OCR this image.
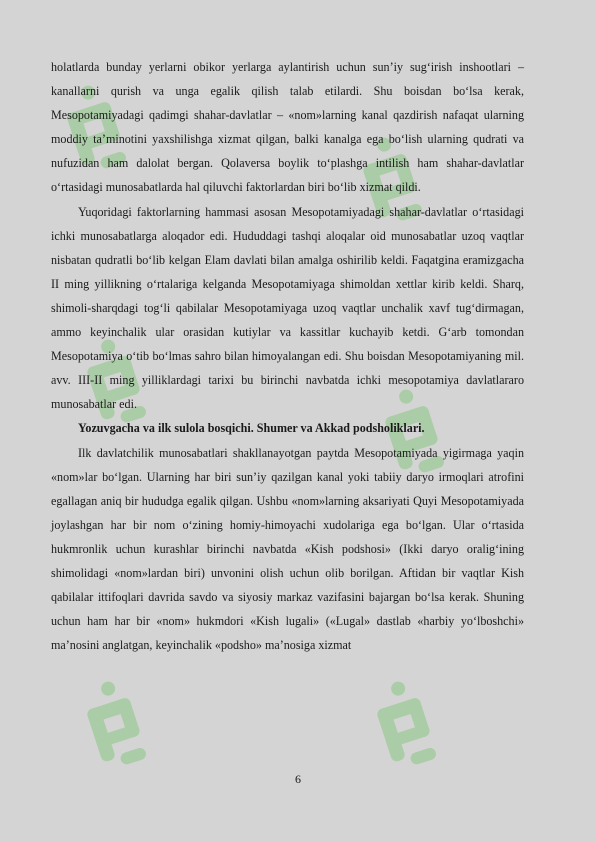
holatlarda bunday yerlarni obikor yerlarga aylantirish uchun sun’iy sug‘irish inshootlari – kanallarni qurish va unga egalik qilish talab etilardi. Shu boisdan bo‘lsa kerak, Mesopotamiyadagi qadimgi shahar-davlatlar – «nom»larning kanal qazdirish nafaqat ularning moddiy ta’minotini yaxshilishga xizmat qilgan, balki kanalga ega bo‘lish ularning qudrati va nufuzidan ham dalolat bergan. Qolaversa boylik to‘plashga intilish ham shahar-davlatlar o‘rtasidagi munosabatlarda hal qiluvchi faktorlardan biri bo‘lib xizmat qildi.

Yuqoridagi faktorlarning hammasi asosan Mesopotamiyadagi shahar-davlatlar o‘rtasidagi ichki munosabatlarga aloqador edi. Hududdagi tashqi aloqalar oid munosabatlar uzoq vaqtlar nisbatan qudratli bo‘lib kelgan Elam davlati bilan amalga oshirilib keldi. Faqatgina eramizgacha II ming yillikning o‘rtalariga kelganda Mesopotamiyaga shimoldan xettlar kirib keldi. Sharq, shimoli-sharqdagi tog‘li qabilalar Mesopotamiyaga uzoq vaqtlar unchalik xavf tug‘dirmagan, ammo keyinchalik ular orasidan kutiylar va kassitlar kuchayib ketdi. G‘arb tomondan Mesopotamiya o‘tib bo‘lmas sahro bilan himoyalangan edi. Shu boisdan Mesopotamiyaning mil. avv. III-II ming yilliklardagi tarixi bu birinchi navbatda ichki mesopotamiya davlatlararo munosabatlar edi.

Yozuvgacha va ilk sulola bosqichi. Shumer va Akkad podsholiklari.

Ilk davlatchilik munosabatlari shakllanayotgan paytda Mesopotamiyada yigirmaga yaqin «nom»lar bo‘lgan. Ularning har biri sun’iy qazilgan kanal yoki tabiiy daryo irmoqlari atrofini egallagan aniq bir hududga egalik qilgan. Ushbu «nom»larning aksariyati Quyi Mesopotamiyada joylashgan har bir nom o‘zining homiy-himoyachi xudolariga ega bo‘lgan. Ular o‘rtasida hukmronlik uchun kurashlar birinchi navbatda «Kish podshosi» (Ikki daryo oralig‘ining shimolidagi «nom»lardan biri) unvonini olish uchun olib borilgan. Aftidan bir vaqtlar Kish qabilalar ittifoqlari davrida savdo va siyosiy markaz vazifasini bajargan bo‘lsa kerak. Shuning uchun ham har bir «nom» hukmdori «Kish lugali» («Lugal» dastlab «harbiy yo‘lboshchi» ma’nosini anglatgan, keyinchalik «podsho» ma’nosiga xizmat

6
